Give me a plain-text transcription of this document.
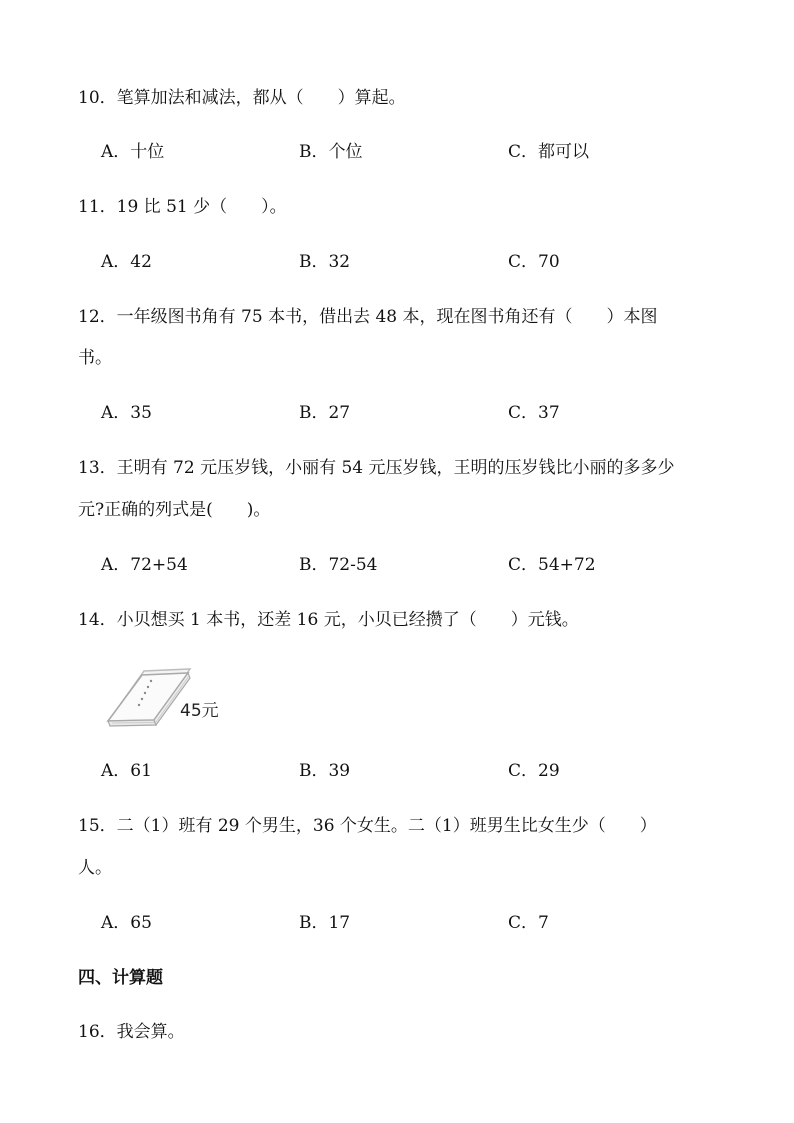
10．笔算加法和减法，都从（　　）算起。
A．十位	B．个位	C．都可以
11．19 比 51 少（　　）。
A．42	B．32	C．70
12．一年级图书角有 75 本书，借出去 48 本，现在图书角还有（　　）本图
书。
A．35	B．27	C．37
13．王明有 72 元压岁钱，小丽有 54 元压岁钱，王明的压岁钱比小丽的多多少
元?正确的列式是(　　)。
A．72+54	B．72-54	C．54+72
14．小贝想买 1 本书，还差 16 元，小贝已经攒了（　　）元钱。
45元
A．61	B．39	C．29
15．二（1）班有 29 个男生，36 个女生。二（1）班男生比女生少（　　）
人。
A．65	B．17	C．7
四、计算题
16．我会算。
